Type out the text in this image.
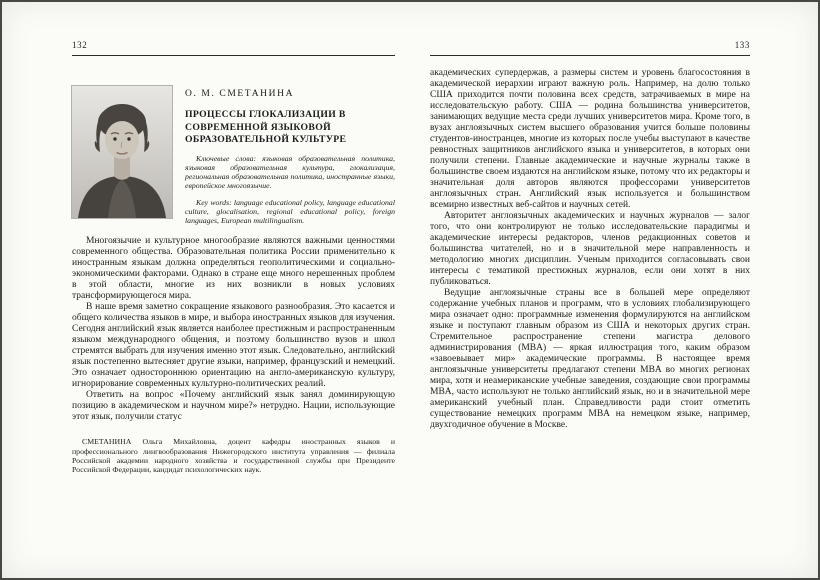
132
О. М. СМЕТАНИНА
ПРОЦЕССЫ ГЛОКАЛИЗАЦИИ В СОВРЕМЕННОЙ ЯЗЫКОВОЙ ОБРАЗОВАТЕЛЬНОЙ КУЛЬТУРЕ

Ключевые слова: языковая образовательная политика, языковая образовательная культура, глокализация, региональная образовательная политика, иностранные языки, европейское многоязычие.

Key words: language educational policy, language educational culture, glocalisation, regional educational policy, foreign languages, European multilingualism.

Многоязычие и культурное многообразие являются важными ценностями современного общества. Образовательная политика России применительно к иностранным языкам должна определяться геополитическими и социально-экономическими факторами. Однако в стране еще много нерешенных проблем в этой области, многие из них возникли в новых условиях трансформирующегося мира.

В наше время заметно сокращение языкового разнообразия. Это касается и общего количества языков в мире, и выбора иностранных языков для изучения. Сегодня английский язык является наиболее престижным и распространенным языком международного общения, и поэтому большинство вузов и школ стремятся выбрать для изучения именно этот язык. Следовательно, английский язык постепенно вытесняет другие языки, например, французский и немецкий. Это означает одностороннюю ориентацию на англо-американскую культуру, игнорирование современных культурно-политических реалий.

Ответить на вопрос «Почему английский язык занял доминирующую позицию в академическом и научном мире?» нетрудно. Нации, использующие этот язык, получили статус

СМЕТАНИНА Ольга Михайловна, доцент кафедры иностранных языков и профессионального лингвообразования Нижегородского института управления — филиала Российской академии народного хозяйства и государственной службы при Президенте Российской Федерации, кандидат психологических наук.

133

академических супердержав, а размеры систем и уровень благосостояния в академической иерархии играют важную роль. Например, на долю только США приходится почти половина всех средств, затрачиваемых в мире на исследовательскую работу. США — родина большинства университетов, занимающих ведущие места среди лучших университетов мира. Кроме того, в вузах англоязычных систем высшего образования учится больше половины студентов-иностранцев, многие из которых после учебы выступают в качестве ревностных защитников английского языка и университетов, в которых они получили степени. Главные академические и научные журналы также в большинстве своем издаются на английском языке, потому что их редакторы и значительная доля авторов являются профессорами университетов англоязычных стран. Английский язык используется и большинством всемирно известных веб-сайтов и научных сетей.

Авторитет англоязычных академических и научных журналов — залог того, что они контролируют не только исследовательские парадигмы и академические интересы редакторов, членов редакционных советов и большинства читателей, но и в значительной мере направленность и методологию многих дисциплин. Ученым приходится согласовывать свои интересы с тематикой престижных журналов, если они хотят в них публиковаться.

Ведущие англоязычные страны все в большей мере определяют содержание учебных планов и программ, что в условиях глобализирующего мира означает одно: программные изменения формулируются на английском языке и поступают главным образом из США и некоторых других стран. Стремительное распространение степени магистра делового администрирования (MBA) — яркая иллюстрация того, каким образом «завоевывает мир» академические программы. В настоящее время англоязычные университеты предлагают степени MBA во многих регионах мира, хотя и неамериканские учебные заведения, создающие свои программы MBA, часто используют не только английский язык, но и в значительной мере американский учебный план. Справедливости ради стоит отметить существование немецких программ MBA на немецком языке, например, двухгодичное обучение в Москве.
